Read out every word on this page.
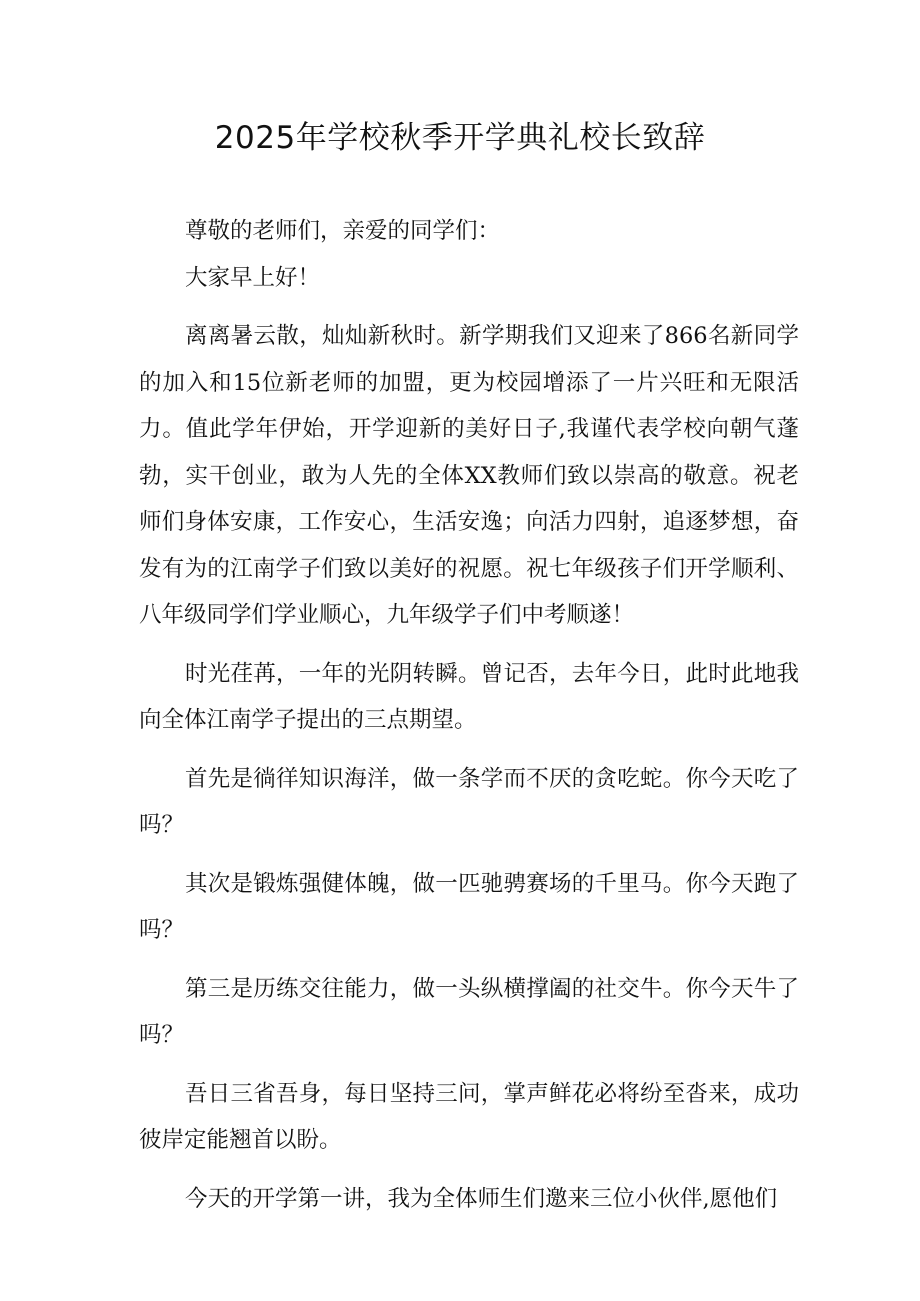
2025年学校秋季开学典礼校长致辞

尊敬的老师们，亲爱的同学们：

大家早上好！

离离暑云散，灿灿新秋时。新学期我们又迎来了866名新同学的加入和15位新老师的加盟，更为校园增添了一片兴旺和无限活力。值此学年伊始，开学迎新的美好日子,我谨代表学校向朝气蓬勃，实干创业，敢为人先的全体XX教师们致以崇高的敬意。祝老师们身体安康，工作安心，生活安逸；向活力四射，追逐梦想，奋发有为的江南学子们致以美好的祝愿。祝七年级孩子们开学顺利、八年级同学们学业顺心，九年级学子们中考顺遂！

时光荏苒，一年的光阴转瞬。曾记否，去年今日，此时此地我向全体江南学子提出的三点期望。

首先是徜徉知识海洋，做一条学而不厌的贪吃蛇。你今天吃了吗？

其次是锻炼强健体魄，做一匹驰骋赛场的千里马。你今天跑了吗？

第三是历练交往能力，做一头纵横撑阖的社交牛。你今天牛了吗？

吾日三省吾身，每日坚持三问，掌声鲜花必将纷至沓来，成功彼岸定能翘首以盼。

今天的开学第一讲，我为全体师生们邀来三位小伙伴,愿他们
